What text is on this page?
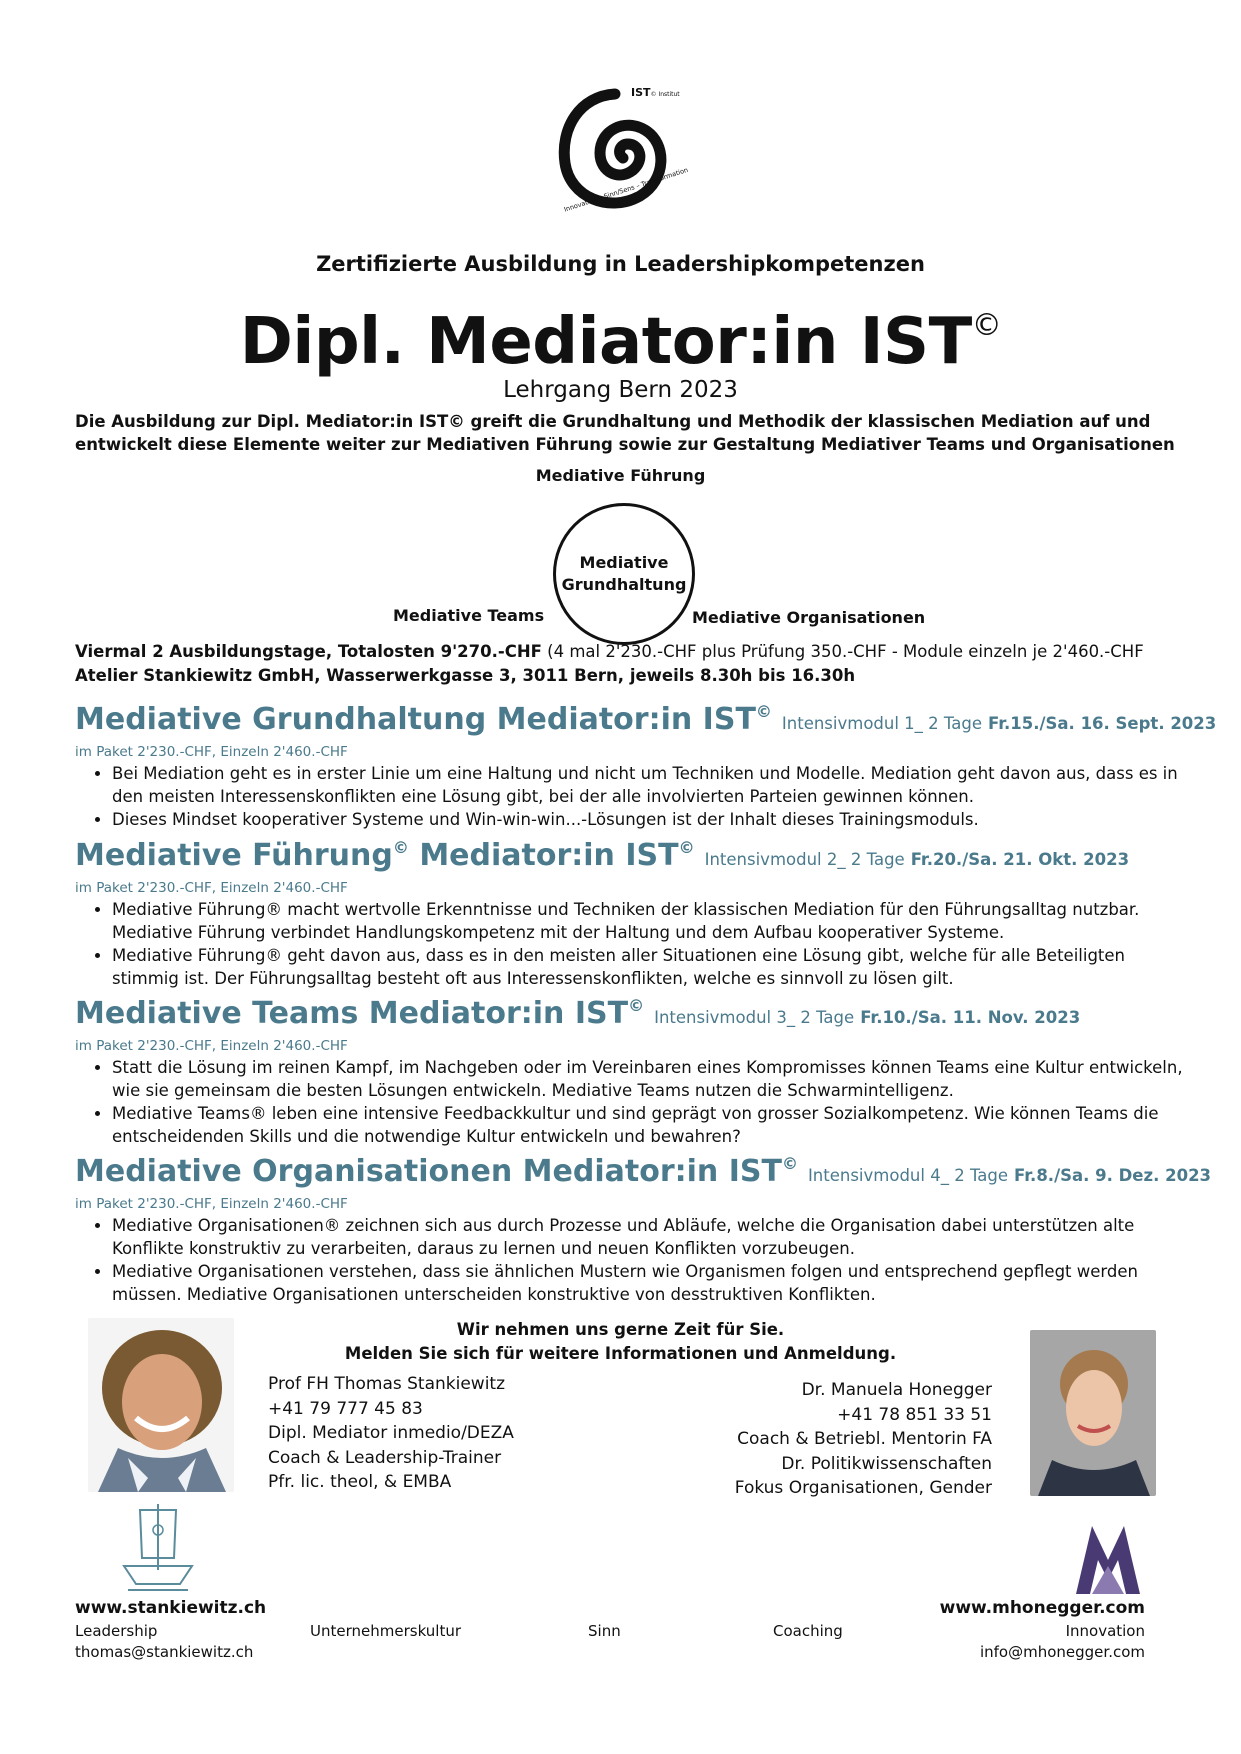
IST© Institut
Innovation – Sinn/Sens – Transformation
Zertifizierte Ausbildung in Leadershipkompetenzen
Dipl. Mediator:in IST©
Lehrgang Bern 2023
Die Ausbildung zur Dipl. Mediator:in IST© greift die Grundhaltung und Methodik der klassischen Mediation auf und entwickelt diese Elemente weiter zur Mediativen Führung sowie zur Gestaltung Mediativer Teams und Organisationen
Mediative Führung
Mediative
Grundhaltung
Mediative Teams	Mediative Organisationen
Viermal 2 Ausbildungstage, Totalosten 9'270.-CHF (4 mal 2'230.-CHF plus Prüfung 350.-CHF - Module einzeln je 2'460.-CHF
Atelier Stankiewitz GmbH, Wasserwerkgasse 3, 3011 Bern, jeweils 8.30h bis 16.30h
Mediative Grundhaltung Mediator:in IST©Intensivmodul 1_ 2 Tage Fr.15./Sa. 16. Sept. 2023
im Paket 2'230.-CHF, Einzeln 2'460.-CHF
• Bei Mediation geht es in erster Linie um eine Haltung und nicht um Techniken und Modelle. Mediation geht davon aus, dass es in den meisten Interessenskonflikten eine Lösung gibt, bei der alle involvierten Parteien gewinnen können.
• Dieses Mindset kooperativer Systeme und Win-win-win...-Lösungen ist der Inhalt dieses Trainingsmoduls.
Mediative Führung© Mediator:in IST©Intensivmodul 2_ 2 Tage Fr.20./Sa. 21. Okt. 2023
im Paket 2'230.-CHF, Einzeln 2'460.-CHF
• Mediative Führung® macht wertvolle Erkenntnisse und Techniken der klassischen Mediation für den Führungsalltag nutzbar. Mediative Führung verbindet Handlungskompetenz mit der Haltung und dem Aufbau kooperativer Systeme.
• Mediative Führung® geht davon aus, dass es in den meisten aller Situationen eine Lösung gibt, welche für alle Beteiligten stimmig ist. Der Führungsalltag besteht oft aus Interessenskonflikten, welche es sinnvoll zu lösen gilt.
Mediative Teams Mediator:in IST©Intensivmodul 3_ 2 Tage Fr.10./Sa. 11. Nov. 2023
im Paket 2'230.-CHF, Einzeln 2'460.-CHF
• Statt die Lösung im reinen Kampf, im Nachgeben oder im Vereinbaren eines Kompromisses können Teams eine Kultur entwickeln, wie sie gemeinsam die besten Lösungen entwickeln. Mediative Teams nutzen die Schwarmintelligenz.
• Mediative Teams® leben eine intensive Feedbackkultur und sind geprägt von grosser Sozialkompetenz. Wie können Teams die entscheidenden Skills und die notwendige Kultur entwickeln und bewahren?
Mediative Organisationen Mediator:in IST©Intensivmodul 4_ 2 Tage Fr.8./Sa. 9. Dez. 2023
im Paket 2'230.-CHF, Einzeln 2'460.-CHF
• Mediative Organisationen® zeichnen sich aus durch Prozesse und Abläufe, welche die Organisation dabei unterstützen alte Konflikte konstruktiv zu verarbeiten, daraus zu lernen und neuen Konflikten vorzubeugen.
• Mediative Organisationen verstehen, dass sie ähnlichen Mustern wie Organismen folgen und entsprechend gepflegt werden müssen. Mediative Organisationen unterscheiden konstruktive von desstruktiven Konflikten.
Wir nehmen uns gerne Zeit für Sie.
Melden Sie sich für weitere Informationen und Anmeldung.
Prof FH Thomas Stankiewitz
+41 79 777 45 83
Dipl. Mediator inmedio/DEZA
Coach & Leadership-Trainer
Pfr. lic. theol, & EMBA
Dr. Manuela Honegger
+41 78 851 33 51
Coach & Betriebl. Mentorin FA
Dr. Politikwissenschaften
Fokus Organisationen, Gender
www.stankiewitz.ch
Leadership
thomas@stankiewitz.ch
Unternehmerskultur	Sinn	Coaching
www.mhonegger.com
Innovation
info@mhonegger.com
